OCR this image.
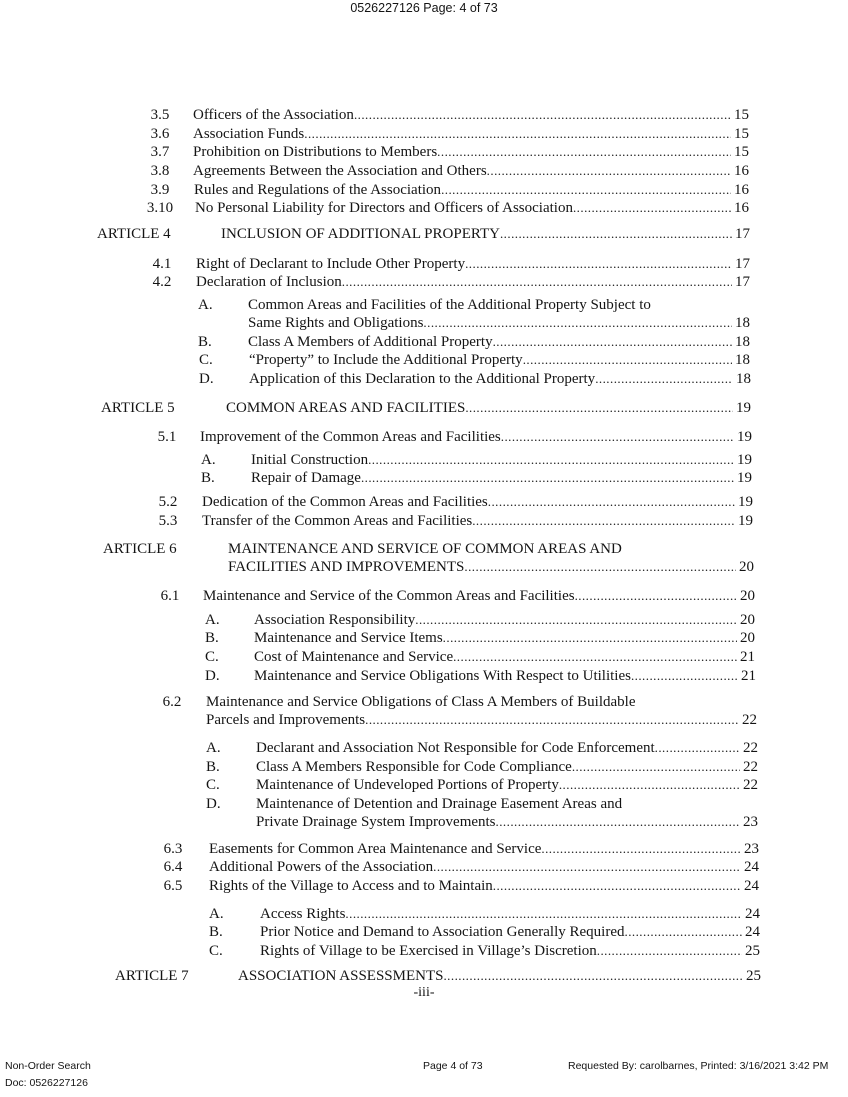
0526227126 Page: 4 of 73
3.5	Officers of the Association . . .	15
3.6	Association Funds . . .	15
3.7	Prohibition on Distributions to Members . . .	15
3.8	Agreements Between the Association and Others . . .	16
3.9	Rules and Regulations of the Association . . .	16
3.10 No Personal Liability for Directors and Officers of Association . . .	16
ARTICLE 4	INCLUSION OF ADDITIONAL PROPERTY . . .	17
4.1	Right of Declarant to Include Other Property . . .	17
4.2	Declaration of Inclusion . . .	17
A. Common Areas and Facilities of the Additional Property Subject to
Same Rights and Obligations . . .	18
B. Class A Members of Additional Property . . .	18
C. “Property” to Include the Additional Property . . .	18
D. Application of this Declaration to the Additional Property . . .	18
ARTICLE 5	COMMON AREAS AND FACILITIES . . .	19
5.1	Improvement of the Common Areas and Facilities . . .	19
A. Initial Construction . . .	19
B. Repair of Damage . . .	19
5.2	Dedication of the Common Areas and Facilities . . .	19
5.3	Transfer of the Common Areas and Facilities . . .	19
ARTICLE 6	MAINTENANCE AND SERVICE OF COMMON AREAS AND
FACILITIES AND IMPROVEMENTS . . .	20
6.1	Maintenance and Service of the Common Areas and Facilities . . .	20
A. Association Responsibility . . .	20
B. Maintenance and Service Items . . .	20
C. Cost of Maintenance and Service . . .	21
D. Maintenance and Service Obligations With Respect to Utilities . . .	21
6.2	Maintenance and Service Obligations of Class A Members of Buildable
Parcels and Improvements . . .	22
A. Declarant and Association Not Responsible for Code Enforcement . . .	22
B. Class A Members Responsible for Code Compliance . . .	22
C. Maintenance of Undeveloped Portions of Property . . .	22
D. Maintenance of Detention and Drainage Easement Areas and
Private Drainage System Improvements . . .	23
6.3	Easements for Common Area Maintenance and Service . . .	23
6.4	Additional Powers of the Association . . .	24
6.5	Rights of the Village to Access and to Maintain . . .	24
A. Access Rights . . .	24
B. Prior Notice and Demand to Association Generally Required . . .	24
C. Rights of Village to be Exercised in Village’s Discretion . . .	25
ARTICLE 7	ASSOCIATION ASSESSMENTS . . .	25
-iii-
Non-Order Search
Doc: 0526227126
Page 4 of 73	Requested By: carolbarnes, Printed: 3/16/2021 3:42 PM
